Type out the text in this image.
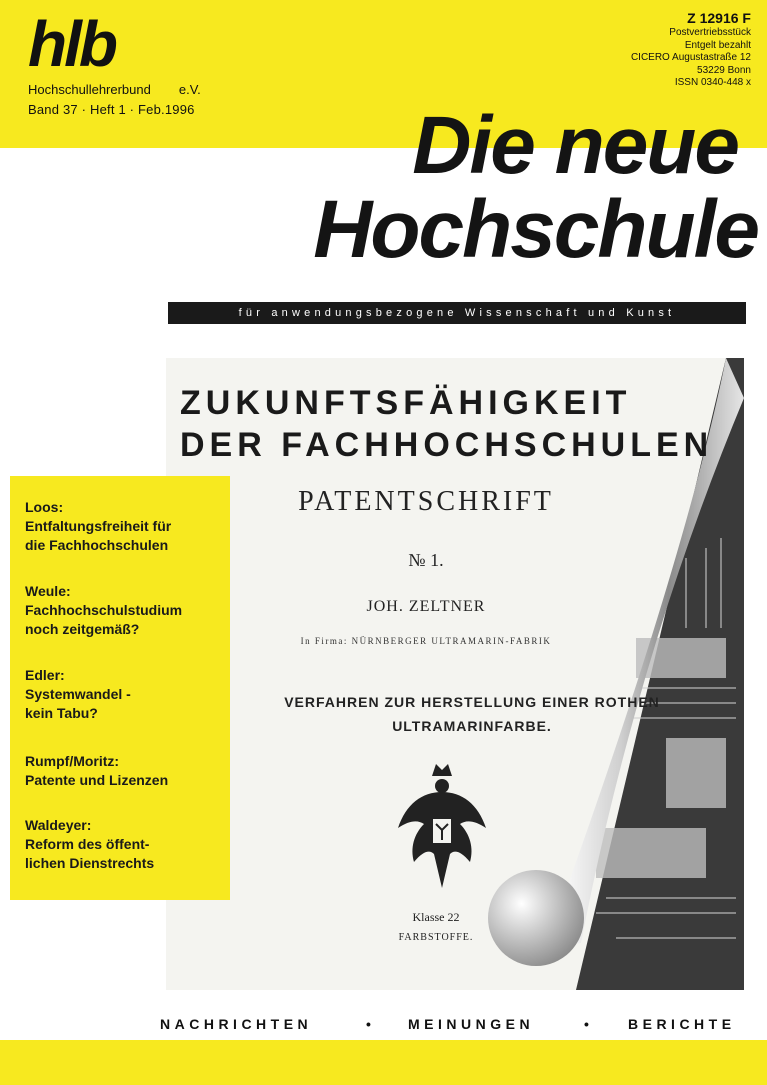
hlb
Hochschullehrerbund e.V.
Band 37 · Heft 1 · Feb.1996
Z 12916 F
Postvertriebsstück
Entgelt bezahlt
CICERO Augustastraße 12
53229 Bonn
ISSN 0340-448 x
Die neue
Hochschule
für anwendungsbezogene Wissenschaft und Kunst
ZUKUNFTSFÄHIGKEIT
DER FACHHOCHSCHULEN
PATENTSCHRIFT
№ 1.
JOH. ZELTNER
In Firma: NÜRNBERGER ULTRAMARIN-FABRIK
VERFAHREN ZUR HERSTELLUNG EINER ROTHEN
ULTRAMARINFARBE.
Klasse 22
FARBSTOFFE.
Loos:
Entfaltungsfreiheit für
die Fachhochschulen
Weule:
Fachhochschulstudium
noch zeitgemäß?
Edler:
Systemwandel -
kein Tabu?
Rumpf/Moritz:
Patente und Lizenzen
Waldeyer:
Reform des öffent-
lichen Dienstrechts
NACHRICHTEN	• MEINUNGEN	• BERICHTE
